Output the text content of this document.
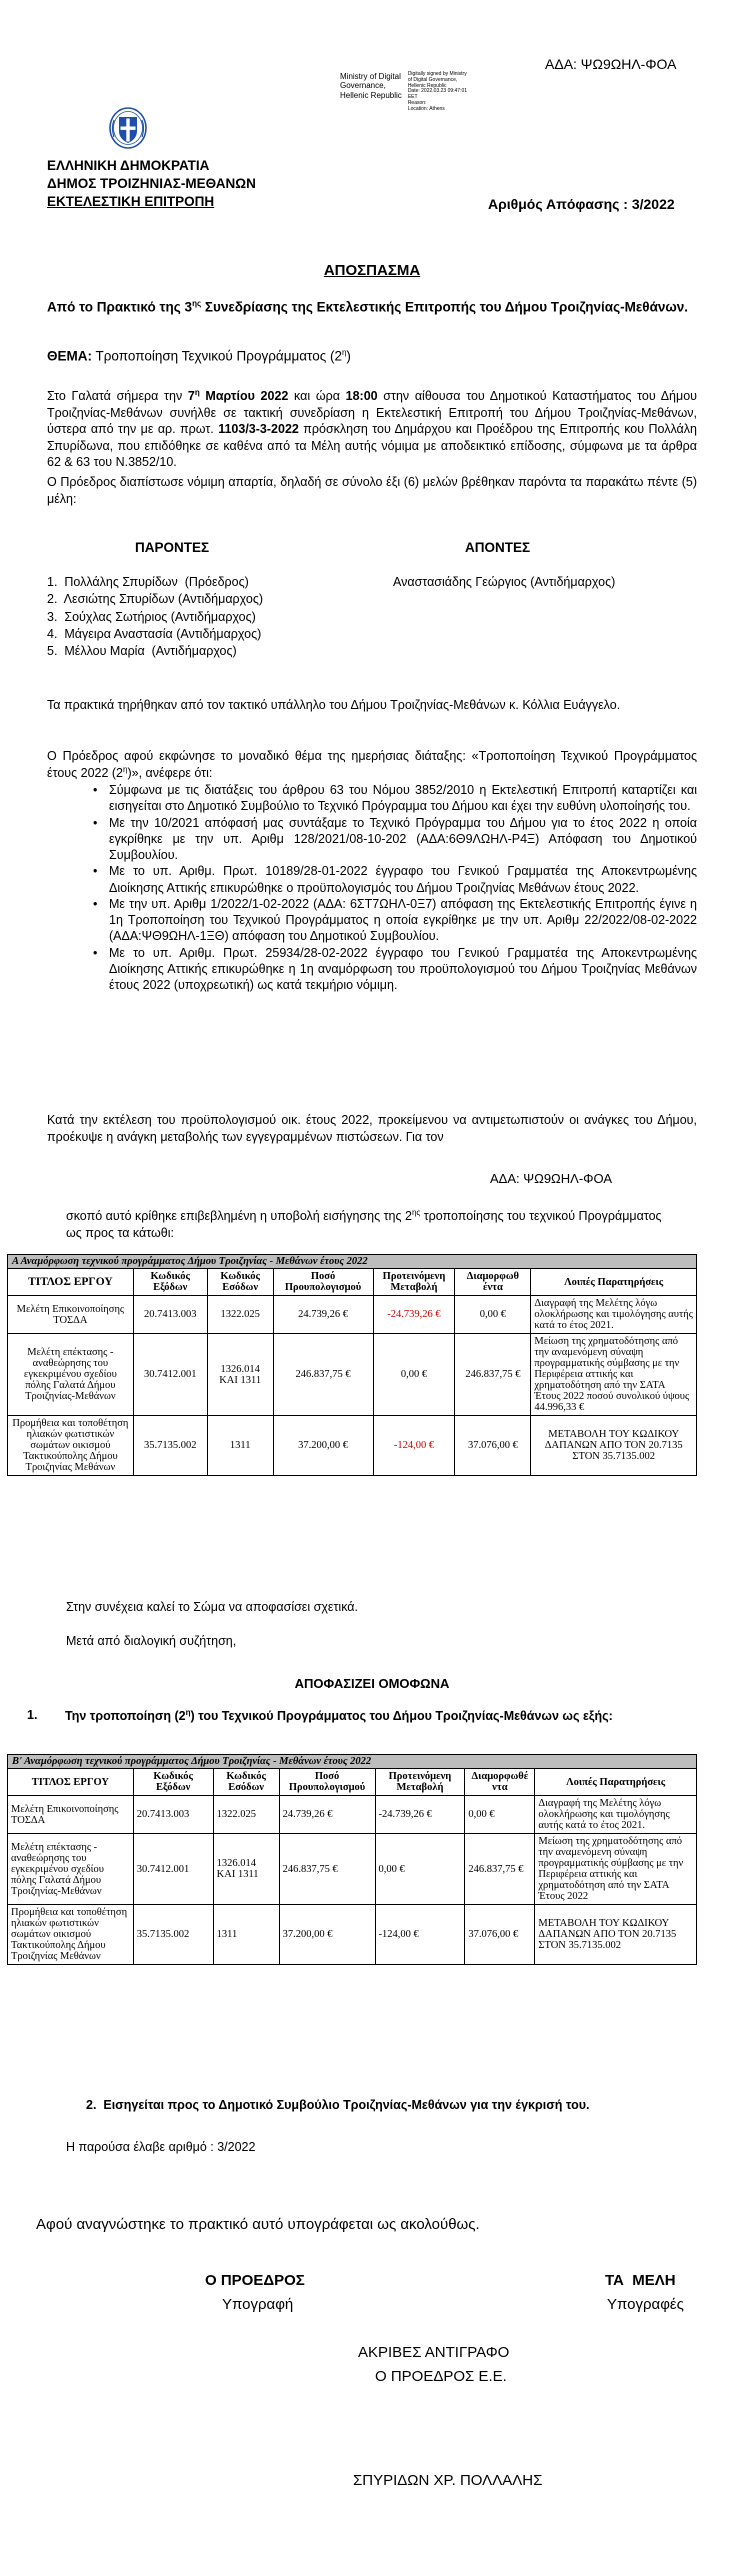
ΑΔΑ: ΨΩ9ΩΗΛ-ΦΟΑ
Ministry of Digital
Governance,
Hellenic Republic
Digitally signed by Ministry
of Digital Governance,
Hellenic Republic
Date: 2022.03.23 09:47:01
EET
Reason:
Location: Athens
ΕΛΛΗΝΙΚΗ ΔΗΜΟΚΡΑΤΙΑ
ΔΗΜΟΣ ΤΡΟΙΖΗΝΙΑΣ-ΜΕΘΑΝΩΝ
ΕΚΤΕΛΕΣΤΙΚΗ ΕΠΙΤΡΟΠΗ	Αριθμός Απόφασης : 3/2022
ΑΠΟΣΠΑΣΜΑ
Από το Πρακτικό της $3^{\eta\varsigma}$ Συνεδρίασης της Εκτελεστικής Επιτροπής του Δήμου Τροιζηνίας-Μεθάνων.
ΘΕΜΑ: Τροποποίηση Τεχνικού Προγράμματος $(2^\eta)$

Στο Γαλατά σήμερα την $7^\eta$ Μαρτίου 2022 και ώρα 18:00 στην αίθουσα του Δημοτικού Καταστήματος του Δήμου Τροιζηνίας-Μεθάνων συνήλθε σε τακτική συνεδρίαση η Εκτελεστική Επιτροπή του Δήμου Τροιζηνίας-Μεθάνων, ύστερα από την με αρ. πρωτ. 1103/3-3-2022 πρόσκληση του Δημάρχου και Προέδρου της Επιτροπής κου Πολλάλη Σπυρίδωνα, που επιδόθηκε σε καθένα από τα Μέλη αυτής νόμιμα με αποδεικτικό επίδοσης, σύμφωνα με τα άρθρα 62 & 63 του Ν.3852/10.

Ο Πρόεδρος διαπίστωσε νόμιμη απαρτία, δηλαδή σε σύνολο έξι (6) μελών βρέθηκαν παρόντα τα παρακάτω πέντε (5) μέλη:

ΠΑΡΟΝΤΕΣ	ΑΠΟΝΤΕΣ
1.  Πολλάλης Σπυρίδων  (Πρόεδρος)
2.  Λεσιώτης Σπυρίδων (Αντιδήμαρχος)
3.  Σούχλας Σωτήριος (Αντιδήμαρχος)
4.  Μάγειρα Αναστασία (Αντιδήμαρχος)
5.  Μέλλου Μαρία  (Αντιδήμαρχος)
Αναστασιάδης Γεώργιος (Αντιδήμαρχος)

Τα πρακτικά τηρήθηκαν από τον τακτικό υπάλληλο του Δήμου Τροιζηνίας-Μεθάνων κ. Κόλλια Ευάγγελο.

Ο Πρόεδρος αφού εκφώνησε το μοναδικό θέμα της ημερήσιας διάταξης: «Τροποποίηση Τεχνικού Προγράμματος έτους 2022 $(2^\eta)$», ανέφερε ότι:

• Σύμφωνα με τις διατάξεις του άρθρου 63 του Νόμου 3852/2010 η Εκτελεστική Επιτροπή καταρτίζει και εισηγείται στο Δημοτικό Συμβούλιο το Τεχνικό Πρόγραμμα του Δήμου και έχει την ευθύνη υλοποίησής του.
• Με την 10/2021 απόφασή μας συντάξαμε το Τεχνικό Πρόγραμμα του Δήμου για το έτος 2022 η οποία εγκρίθηκε με την υπ. Αριθμ 128/2021/08-10-202 (ΑΔΑ:6Θ9ΛΩΗΛ-Ρ4Ξ) Απόφαση του Δημοτικού Συμβουλίου.
• Με το υπ. Αριθμ. Πρωτ. 10189/28-01-2022 έγγραφο του Γενικού Γραμματέα της Αποκεντρωμένης Διοίκησης Αττικής επικυρώθηκε ο προϋπολογισμός του Δήμου Τροιζηνίας Μεθάνων έτους 2022.
• Με την υπ. Αριθμ 1/2022/1-02-2022 (ΑΔΑ: 6ΣΤ7ΩΗΛ-0Ξ7) απόφαση της Εκτελεστικής Επιτροπής έγινε η 1η Τροποποίηση του Τεχνικού Προγράμματος η οποία εγκρίθηκε με την υπ. Αριθμ 22/2022/08-02-2022 (ΑΔΑ:ΨΘ9ΩΗΛ-1ΞΘ) απόφαση του Δημοτικού Συμβουλίου.
• Με το υπ. Αριθμ. Πρωτ. 25934/28-02-2022 έγγραφο του Γενικού Γραμματέα της Αποκεντρωμένης Διοίκησης Αττικής επικυρώθηκε η 1η αναμόρφωση του προϋπολογισμού του Δήμου Τροιζηνίας Μεθάνων έτους 2022 (υποχρεωτική) ως κατά τεκμήριο νόμιμη.

Κατά την εκτέλεση του προϋπολογισμού οικ. έτους 2022, προκείμενου να αντιμετωπιστούν οι ανάγκες του Δήμου, προέκυψε η ανάγκη μεταβολής των εγγεγραμμένων πιστώσεων. Για τον

ΑΔΑ: ΨΩ9ΩΗΛ-ΦΟΑ

σκοπό αυτό κρίθηκε επιβεβλημένη η υποβολή εισήγησης της $2^{\eta\varsigma}$ τροποποίησης του τεχνικού Προγράμματος ως προς τα κάτωθι:

Α Αναμόρφωση τεχνικού προγράμματος Δήμου Τροιζηνίας - Μεθάνων έτους 2022						
ΤΙΤΛΟΣ ΕΡΓΟΥ	Κωδικός Εξόδων	Κωδικός Εσόδων	Ποσό Προυπολογισμού	Προτεινόμενη Μεταβολή	Διαμορφωθ έντα	Λοιπές Παρατηρήσεις
Μελέτη Επικοινοποίησης ΤΟΣΔΑ	20.7413.003	1322.025	24.739,26 €	-24.739,26 €	0,00 €	Διαγραφή της Μελέτης λόγω ολοκλήρωσης και τιμολόγησης αυτής κατά το έτος 2021.
Μελέτη επέκτασης - αναθεώρησης του εγκεκριμένου σχεδίου πόλης Γαλατά Δήμου Τροιζηνίας-Μεθάνων	30.7412.001	1326.014 ΚΑΙ 1311	246.837,75 €	0,00 €	246.837,75 €	Μείωση της χρηματοδότησης από την αναμενόμενη σύναψη προγραμματικής σύμβασης με την Περιφέρεια αττικής και χρηματοδότηση από την ΣΑΤΑ Έτους 2022 ποσού συνολικού ύψους 44.996,33 €
Προμήθεια και τοποθέτηση ηλιακών φωτιστικών σωμάτων οικισμού Τακτικούπολης Δήμου Τροιζηνίας Μεθάνων	35.7135.002	1311	37.200,00 €	-124,00 €	37.076,00 €	ΜΕΤΑΒΟΛΗ ΤΟΥ ΚΩΔΙΚΟΥ ΔΑΠΑΝΩΝ ΑΠΟ ΤΟΝ 20.7135 ΣΤΟΝ 35.7135.002
Στην συνέχεια καλεί το Σώμα να αποφασίσει σχετικά.
Μετά από διαλογική συζήτηση,
ΑΠΟΦΑΣΙΖΕΙ ΟΜΟΦΩΝΑ
1.	Την τροποποίηση $(2^\eta)$ του Τεχνικού Προγράμματος του Δήμου Τροιζηνίας-Μεθάνων ως εξής:
Β' Αναμόρφωση τεχνικού προγράμματος Δήμου Τροιζηνίας - Μεθάνων έτους 2022						
ΤΙΤΛΟΣ ΕΡΓΟΥ	Κωδικός Εξόδων	Κωδικός Εσόδων	Ποσό Προυπολογισμού	Προτεινόμενη Μεταβολή	Διαμορφωθέ ντα	Λοιπές Παρατηρήσεις
Μελέτη Επικοινοποίησης ΤΟΣΔΑ	20.7413.003	1322.025	24.739,26 €	-24.739,26 €	0,00 €	Διαγραφή της Μελέτης λόγω ολοκλήρωσης και τιμολόγησης αυτής κατά το έτος 2021.
Μελέτη επέκτασης - αναθεώρησης του εγκεκριμένου σχεδίου πόλης Γαλατά Δήμου Τροιζηνίας-Μεθάνων	30.7412.001	1326.014 ΚΑΙ 1311	246.837,75 €	0,00 €	246.837,75 €	Μείωση της χρηματοδότησης από την αναμενόμενη σύναψη προγραμματικής σύμβασης με την Περιφέρεια αττικής και χρηματοδότηση από την ΣΑΤΑ Έτους 2022
Προμήθεια και τοποθέτηση ηλιακών φωτιστικών σωμάτων οικισμού Τακτικούπολης Δήμου Τροιζηνίας Μεθάνων	35.7135.002	1311	37.200,00 €	-124,00 €	37.076,00 €	ΜΕΤΑΒΟΛΗ ΤΟΥ ΚΩΔΙΚΟΥ ΔΑΠΑΝΩΝ ΑΠΟ ΤΟΝ 20.7135 ΣΤΟΝ 35.7135.002
2.  Εισηγείται προς το Δημοτικό Συμβούλιο Τροιζηνίας-Μεθάνων για την έγκρισή του.
Η παρούσα έλαβε αριθμό : 3/2022
Αφού αναγνώστηκε το πρακτικό αυτό υπογράφεται ως ακολούθως.
Ο ΠΡΟΕΔΡΟΣ
Υπογραφή
ΤΑ  ΜΕΛΗ
Υπογραφές
ΑΚΡΙΒΕΣ ΑΝΤΙΓΡΑΦΟ
Ο ΠΡΟΕΔΡΟΣ Ε.Ε.
ΣΠΥΡΙΔΩΝ ΧΡ. ΠΟΛΛΑΛΗΣ
